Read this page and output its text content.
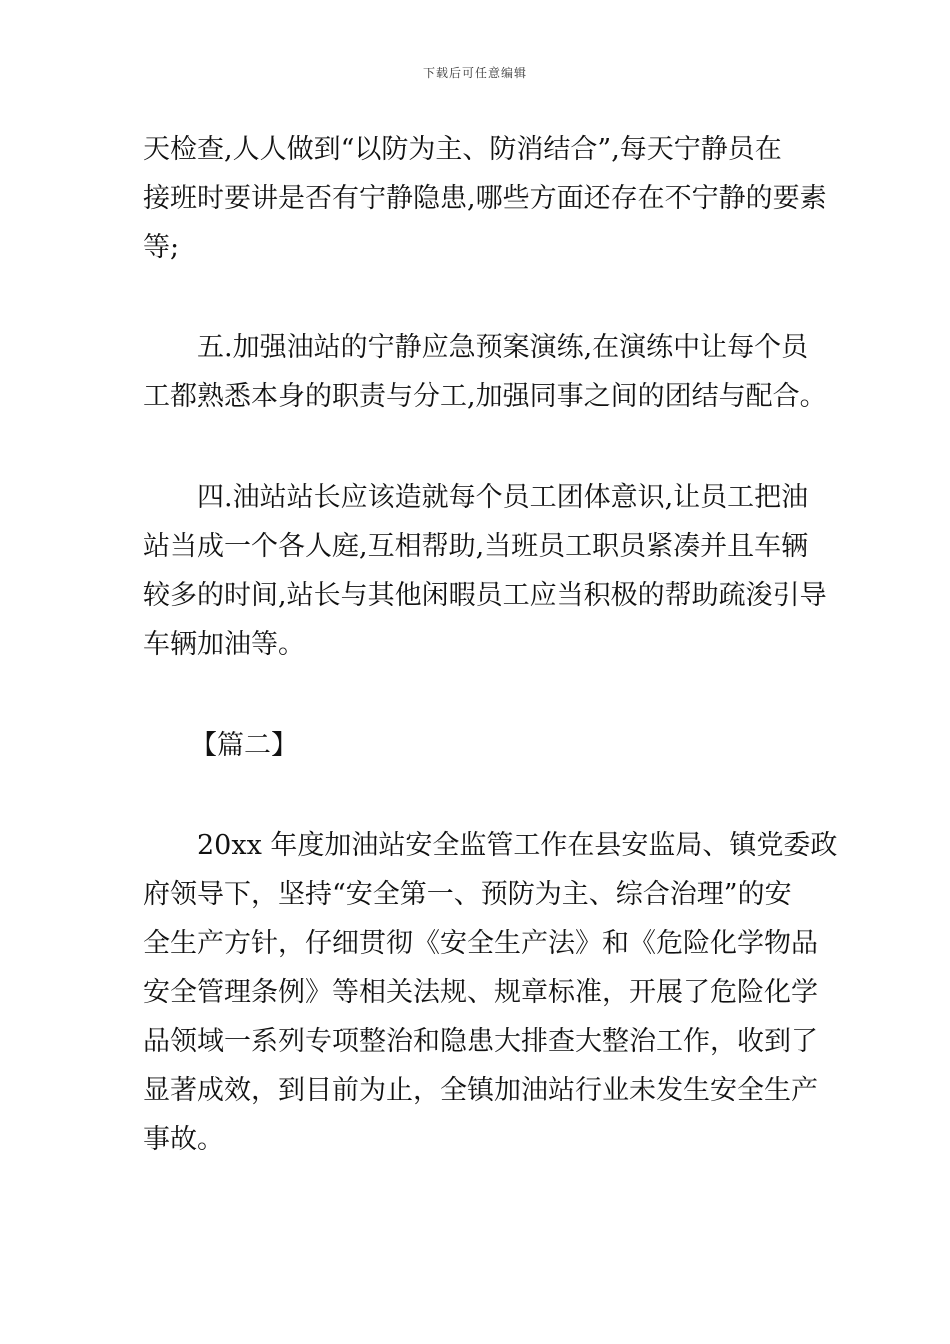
下载后可任意编辑
天检查,人人做到“以防为主、防消结合”,每天宁静员在
接班时要讲是否有宁静隐患,哪些方面还存在不宁静的要素
等;
五.加强油站的宁静应急预案演练,在演练中让每个员
工都熟悉本身的职责与分工,加强同事之间的团结与配合。
四.油站站长应该造就每个员工团体意识,让员工把油
站当成一个各人庭,互相帮助,当班员工职员紧凑并且车辆
较多的时间,站长与其他闲暇员工应当积极的帮助疏浚引导
车辆加油等。
【篇二】
20xx 年度加油站安全监管工作在县安监局、镇党委政
府领导下，坚持“安全第一、预防为主、综合治理”的安
全生产方针，仔细贯彻《安全生产法》和《危险化学物品
安全管理条例》等相关法规、规章标准，开展了危险化学
品领域一系列专项整治和隐患大排查大整治工作，收到了
显著成效，到目前为止，全镇加油站行业未发生安全生产
事故。
